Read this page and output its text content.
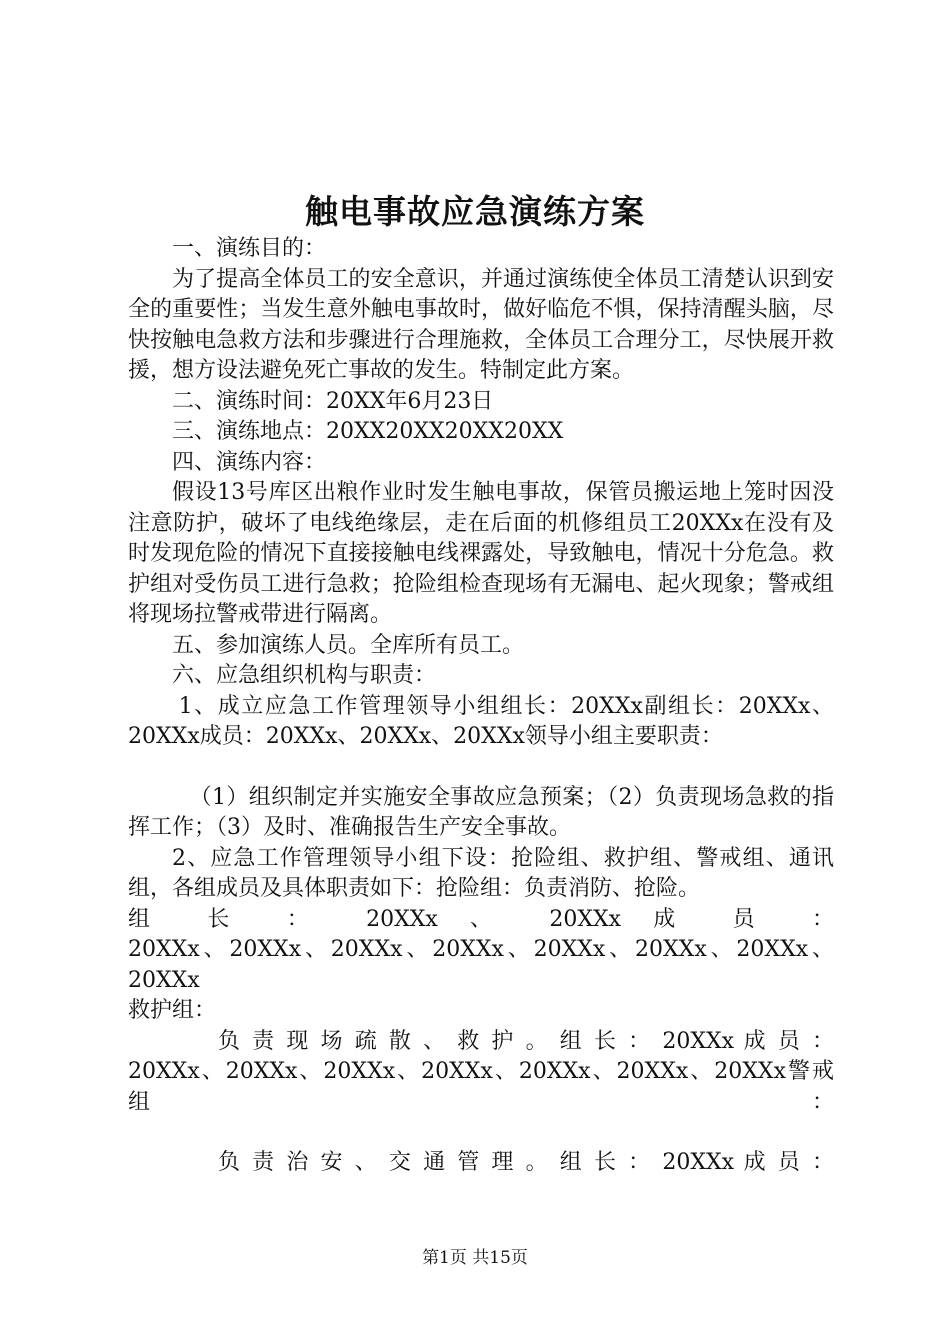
触电事故应急演练方案

一、演练目的：

为了提高全体员工的安全意识，并通过演练使全体员工清楚认识到安全的重要性；当发生意外触电事故时，做好临危不惧，保持清醒头脑，尽快按触电急救方法和步骤进行合理施救，全体员工合理分工，尽快展开救援，想方设法避免死亡事故的发生。特制定此方案。

二、演练时间：20XX年6月23日

三、演练地点：20XX20XX20XX20XX

四、演练内容：

假设13号库区出粮作业时发生触电事故，保管员搬运地上笼时因没注意防护，破坏了电线绝缘层，走在后面的机修组员工20XXx在没有及时发现危险的情况下直接接触电线裸露处，导致触电，情况十分危急。救护组对受伤员工进行急救；抢险组检查现场有无漏电、起火现象；警戒组将现场拉警戒带进行隔离。

五、参加演练人员。全库所有员工。

六、应急组织机构与职责：

1、成立应急工作管理领导小组组长：20XXx副组长：20XXx、20XXx成员：20XXx、20XXx、20XXx领导小组主要职责：

（1）组织制定并实施安全事故应急预案；（2）负责现场急救的指挥工作；（3）及时、准确报告生产安全事故。

2、应急工作管理领导小组下设：抢险组、救护组、警戒组、通讯组，各组成员及具体职责如下：抢险组：负责消防、抢险。

组 长 ： 20XXx 、 20XXx 成 员 ：

20XXx、20XXx、20XXx、20XXx、20XXx、20XXx、20XXx、20XXx

救护组：

负 责 现 场 疏 散 、 救 护 。 组 长 ： 20XXx 成 员 ：

20XXx、20XXx、20XXx、20XXx、20XXx、20XXx、20XXx警戒组：

负 责 治 安 、 交 通 管 理 。 组 长 ： 20XXx 成 员 ：

第1页 共15页
